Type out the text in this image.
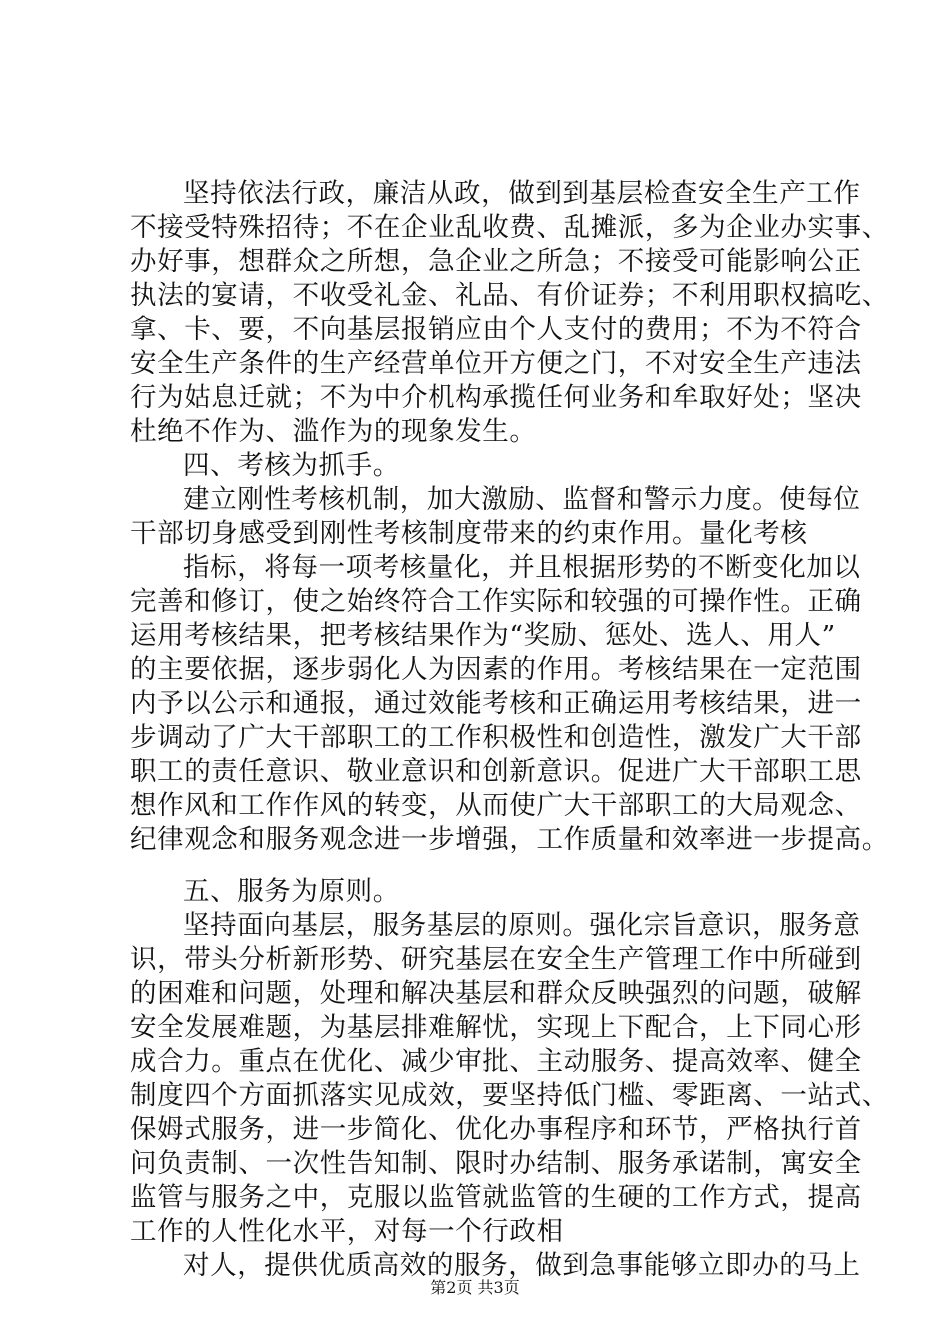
坚持依法行政，廉洁从政，做到到基层检查安全生产工作
不接受特殊招待；不在企业乱收费、乱摊派，多为企业办实事、
办好事，想群众之所想，急企业之所急；不接受可能影响公正
执法的宴请，不收受礼金、礼品、有价证券；不利用职权搞吃、
拿、卡、要，不向基层报销应由个人支付的费用；不为不符合
安全生产条件的生产经营单位开方便之门，不对安全生产违法
行为姑息迁就；不为中介机构承揽任何业务和牟取好处；坚决
杜绝不作为、滥作为的现象发生。
四、考核为抓手。
建立刚性考核机制，加大激励、监督和警示力度。使每位
干部切身感受到刚性考核制度带来的约束作用。量化考核
指标，将每一项考核量化，并且根据形势的不断变化加以
完善和修订，使之始终符合工作实际和较强的可操作性。正确
运用考核结果，把考核结果作为“奖励、惩处、选人、用人”
的主要依据，逐步弱化人为因素的作用。考核结果在一定范围
内予以公示和通报，通过效能考核和正确运用考核结果，进一
步调动了广大干部职工的工作积极性和创造性，激发广大干部
职工的责任意识、敬业意识和创新意识。促进广大干部职工思
想作风和工作作风的转变，从而使广大干部职工的大局观念、
纪律观念和服务观念进一步增强，工作质量和效率进一步提高。
五、服务为原则。
坚持面向基层，服务基层的原则。强化宗旨意识，服务意
识，带头分析新形势、研究基层在安全生产管理工作中所碰到
的困难和问题，处理和解决基层和群众反映强烈的问题，破解
安全发展难题，为基层排难解忧，实现上下配合，上下同心形
成合力。重点在优化、减少审批、主动服务、提高效率、健全
制度四个方面抓落实见成效，要坚持低门槛、零距离、一站式、
保姆式服务，进一步简化、优化办事程序和环节，严格执行首
问负责制、一次性告知制、限时办结制、服务承诺制，寓安全
监管与服务之中，克服以监管就监管的生硬的工作方式，提高
工作的人性化水平，对每一个行政相
对人，提供优质高效的服务，做到急事能够立即办的马上
第2页 共3页
